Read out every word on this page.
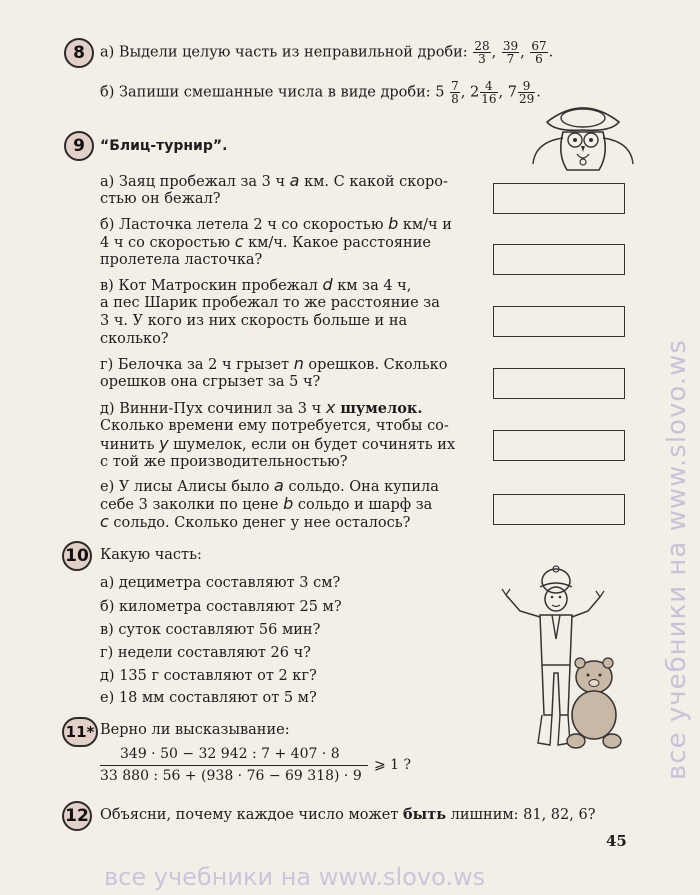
8	а) Выдели целую часть из неправильной дроби: $\frac{28}{3}$ , $\frac{39}{7}$ , $\frac{67}{6}$ .
б) Запиши смешанные числа в виде дроби: $5 \frac{7}{8}$ , $2 \frac{4}{16}$ , $7 \frac{9}{29}$ .
9	“Блиц-турнир”.
а) Заяц пробежал за 3 ч a км. С какой скоро-
стью он бежал?
б) Ласточка летела 2 ч со скоростью b км/ч и
4 ч со скоростью c км/ч. Какое расстояние
пролетела ласточка?
в) Кот Матроскин пробежал d км за 4 ч,
а пес Шарик пробежал то же расстояние за
3 ч. У кого из них скорость больше и на
сколько?
г) Белочка за 2 ч грызет n орешков. Сколько
орешков она сгрызет за 5 ч?
д) Винни-Пух сочинил за 3 ч x шумелок.
Сколько времени ему потребуется, чтобы со-
чинить y шумелок, если он будет сочинять их
с той же производительностью?
е) У лисы Алисы было a сольдо. Она купила
себе 3 заколки по цене b сольдо и шарф за
c сольдо. Сколько денег у нее осталось?
10 Какую часть:
а) дециметра составляют 3 см?
б) километра составляют 25 м?
в) суток составляют 56 мин?
г) недели составляют 26 ч?
д) 135 г составляют от 2 кг?
е) 18 мм составляют от 5 м?
11* Верно ли высказывание:
349 · 50 − 32 942 : 7 + 407 · 8
33 880 : 56 + (938 · 76 − 69 318) · 9
⩾ 1 ?
12 Объясни, почему каждое число может быть лишним: 81, 82, 6?
45
все учебники на www.slovo.ws
все учебники на www.slovo.ws
